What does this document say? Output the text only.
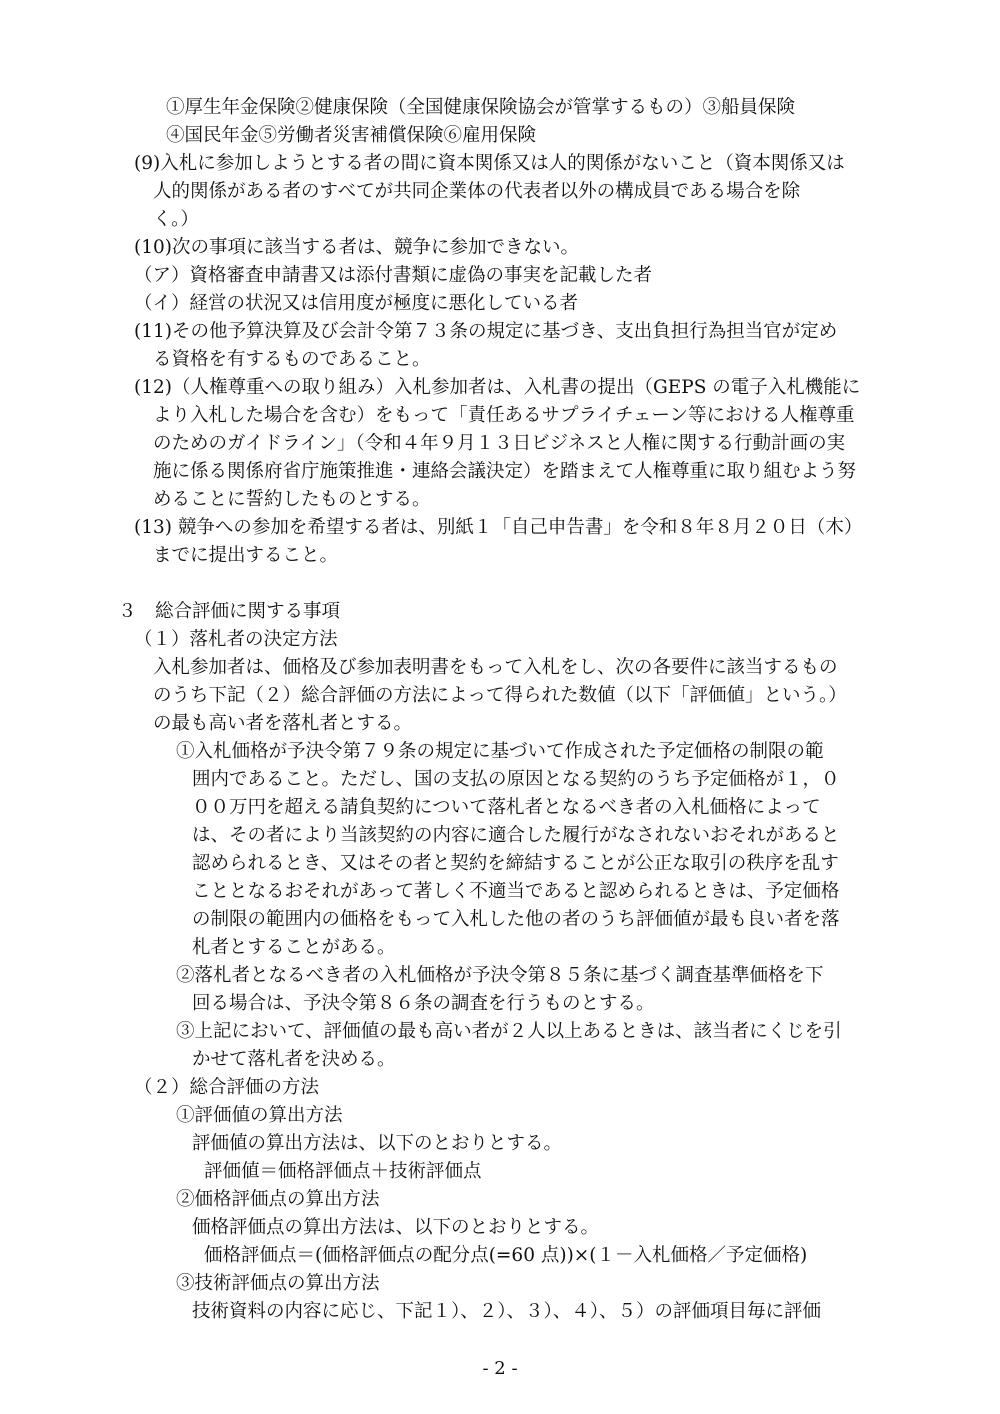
①厚生年金保険②健康保険（全国健康保険協会が管掌するもの）③船員保険
④国民年金⑤労働者災害補償保険⑥雇用保険
(9)入札に参加しようとする者の間に資本関係又は人的関係がないこと（資本関係又は
人的関係がある者のすべてが共同企業体の代表者以外の構成員である場合を除
く。）
(10)次の事項に該当する者は、競争に参加できない。
（ア）資格審査申請書又は添付書類に虚偽の事実を記載した者
（イ）経営の状況又は信用度が極度に悪化している者
(11)その他予算決算及び会計令第７３条の規定に基づき、支出負担行為担当官が定め
る資格を有するものであること。
(12)（人権尊重への取り組み）入札参加者は、入札書の提出（GEPS の電子入札機能に
より入札した場合を含む）をもって「責任あるサプライチェーン等における人権尊重
のためのガイドライン」（令和４年９月１３日ビジネスと人権に関する行動計画の実
施に係る関係府省庁施策推進・連絡会議決定）を踏まえて人権尊重に取り組むよう努
めることに誓約したものとする。
(13) 競争への参加を希望する者は、別紙１「自己申告書」を令和８年８月２０日（木）
までに提出すること。
３　総合評価に関する事項
（１）落札者の決定方法
入札参加者は、価格及び参加表明書をもって入札をし、次の各要件に該当するもの
のうち下記（２）総合評価の方法によって得られた数値（以下「評価値」という。）
の最も高い者を落札者とする。
①入札価格が予決令第７９条の規定に基づいて作成された予定価格の制限の範
囲内であること。ただし、国の支払の原因となる契約のうち予定価格が１，０
００万円を超える請負契約について落札者となるべき者の入札価格によって
は、その者により当該契約の内容に適合した履行がなされないおそれがあると
認められるとき、又はその者と契約を締結することが公正な取引の秩序を乱す
こととなるおそれがあって著しく不適当であると認められるときは、予定価格
の制限の範囲内の価格をもって入札した他の者のうち評価値が最も良い者を落
札者とすることがある。
②落札者となるべき者の入札価格が予決令第８５条に基づく調査基準価格を下
回る場合は、予決令第８６条の調査を行うものとする。
③上記において、評価値の最も高い者が２人以上あるときは、該当者にくじを引
かせて落札者を決める。
（２）総合評価の方法
①評価値の算出方法
評価値の算出方法は、以下のとおりとする。
評価値＝価格評価点＋技術評価点
②価格評価点の算出方法
価格評価点の算出方法は、以下のとおりとする。
価格評価点＝(価格評価点の配分点(=60 点))×(１－入札価格／予定価格)
③技術評価点の算出方法
技術資料の内容に応じ、下記１）、２）、３）、４）、５）の評価項目毎に評価
- 2 -
